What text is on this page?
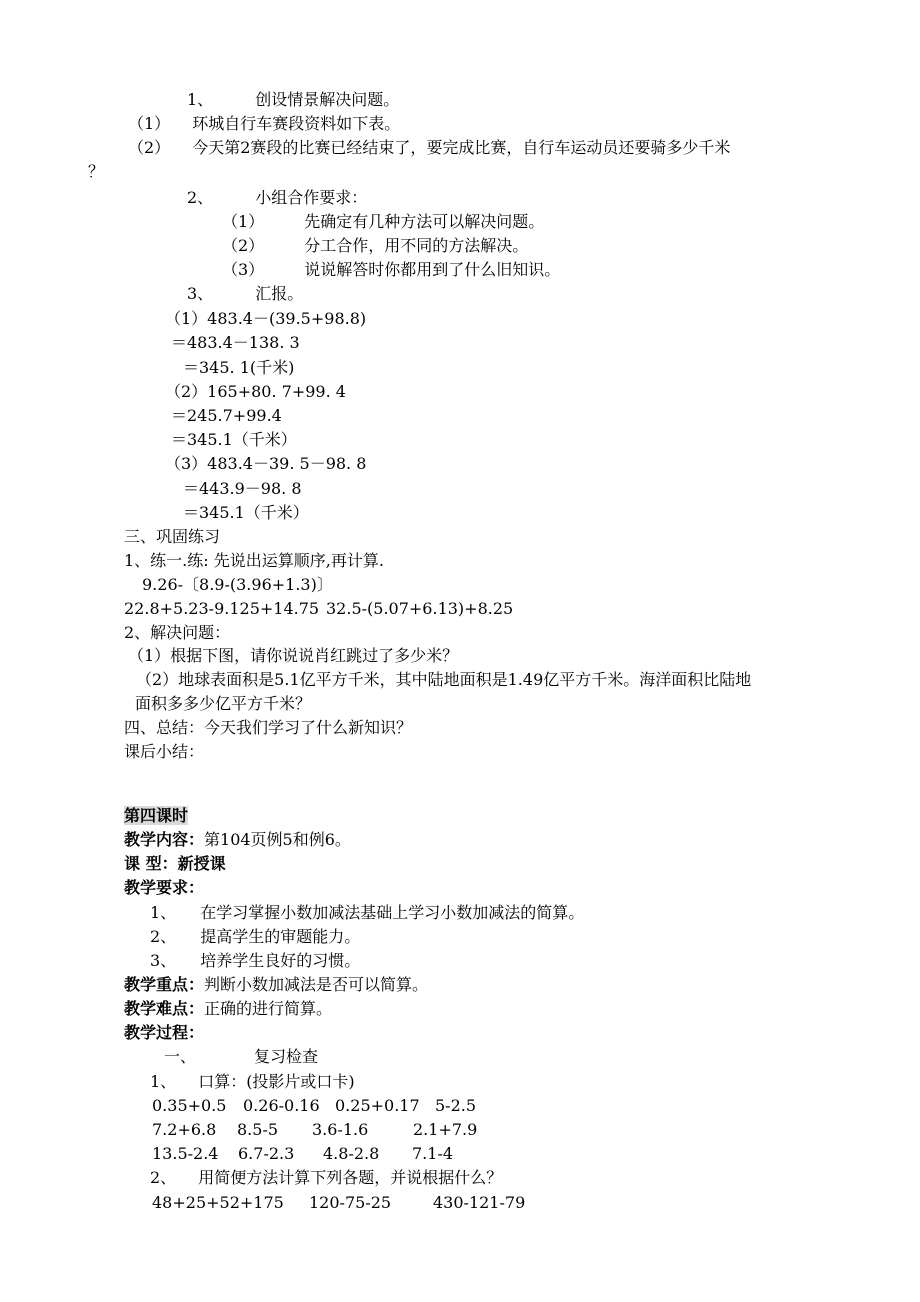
1、	创设情景解决问题。
（1） 环城自行车赛段资料如下表。
（2） 今天第2赛段的比赛已经结束了，要完成比赛，自行车运动员还要骑多少千米
？
2、	小组合作要求：
（1）	先确定有几种方法可以解决问题。
（2）	分工合作，用不同的方法解决。
（3）	说说解答时你都用到了什么旧知识。
3、	汇报。
（1）483.4－(39.5+98.8)
＝483.4－138. 3
＝345. 1(千米)
（2）165+80. 7+99. 4
＝245.7+99.4
＝345.1（千米）
（3）483.4－39. 5－98. 8
＝443.9－98. 8
＝345.1（千米）
三、巩固练习
1、练一.练: 先说出运算顺序,再计算.
9.26-〔8.9-(3.96+1.3)〕
22.8+5.23-9.125+14.75 32.5-(5.07+6.13)+8.25
2、解决问题：
（1）根据下图，请你说说肖红跳过了多少米？
（2）地球表面积是5.1亿平方千米，其中陆地面积是1.49亿平方千米。海洋面积比陆地
面积多多少亿平方千米？
四、总结：今天我们学习了什么新知识？
课后小结：
第四课时
教学内容：第104页例5和例6。
课 型：新授课
教学要求：
1、 在学习掌握小数加减法基础上学习小数加减法的简算。
2、 提高学生的审题能力。
3、 培养学生良好的习惯。
教学重点：判断小数加减法是否可以简算。
教学难点：正确的进行简算。
教学过程：
一、	复习检查
1、 口算：(投影片或口卡)
0.35+0.5 0.26-0.16 0.25+0.17 5-2.5
7.2+6.8 8.5-5 3.6-1.6	2.1+7.9
13.5-2.4 6.7-2.3 4.8-2.8 7.1-4
2、 用简便方法计算下列各题，并说根据什么？
48+25+52+175 120-75-25	430-121-79
